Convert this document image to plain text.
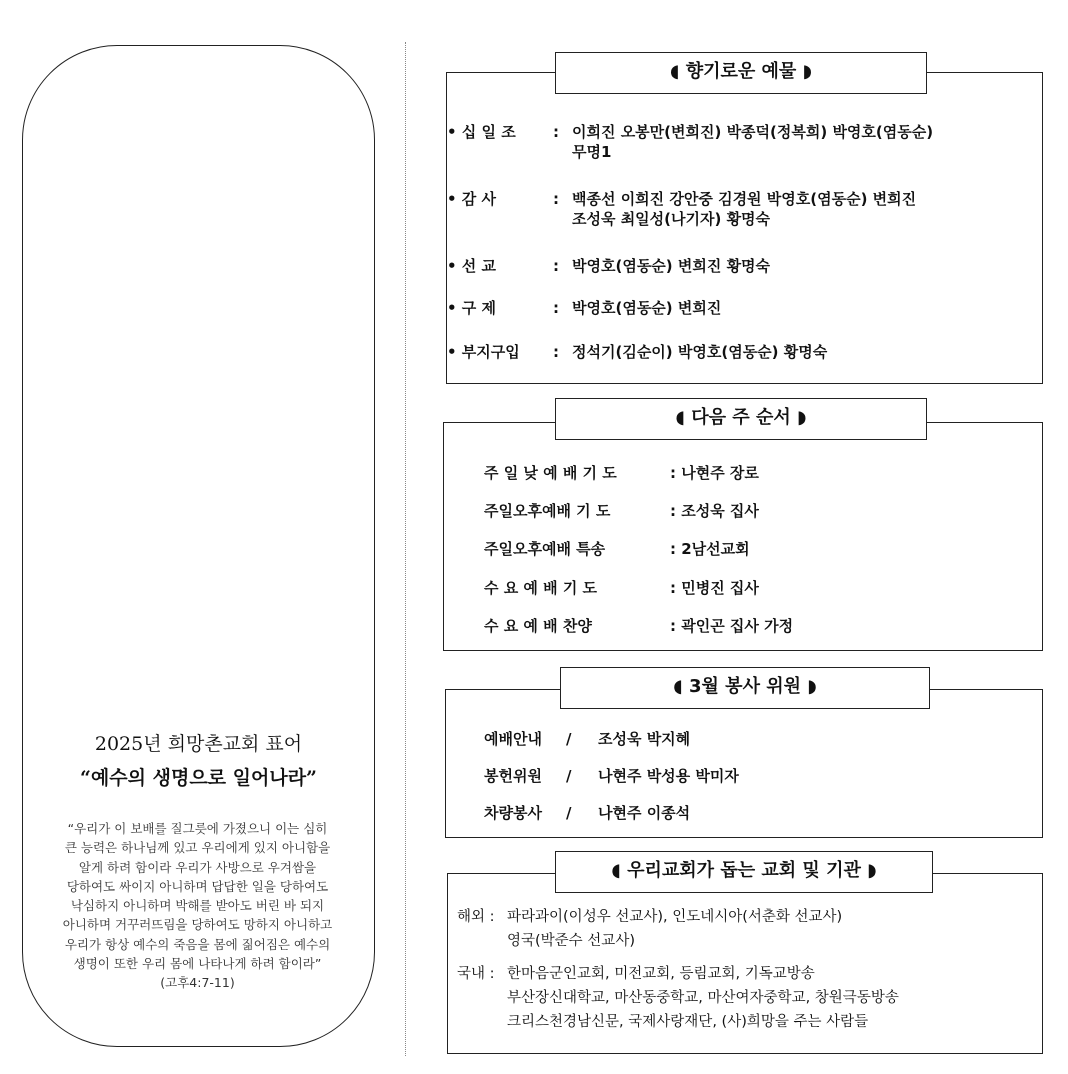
2025년 희망촌교회 표어
“예수의 생명으로 일어나라”
“우리가 이 보배를 질그릇에 가졌으니 이는 심히
큰 능력은 하나님께 있고 우리에게 있지 아니함을
알게 하려 함이라 우리가 사방으로 우겨쌈을
당하여도 싸이지 아니하며 답답한 일을 당하여도
낙심하지 아니하며 박해를 받아도 버린 바 되지
아니하며 거꾸러뜨림을 당하여도 망하지 아니하고
우리가 항상 예수의 죽음을 몸에 짊어짐은 예수의
생명이 또한 우리 몸에 나타나게 하려 함이라”
(고후4:7-11)
◖ 향기로운 예물 ◗
• 십 일 조 : 이희진 오봉만(변희진) 박종덕(정복희) 박영호(염동순)
무명1
• 감 사	: 백종선 이희진 강안중 김경원 박영호(염동순) 변희진
조성욱 최일성(나기자) 황명숙
• 선 교	: 박영호(염동순) 변희진 황명숙
• 구 제	: 박영호(염동순) 변희진
• 부지구입 : 정석기(김순이) 박영호(염동순) 황명숙
◖ 다음 주 순서 ◗
주 일 낮 예 배 기 도	: 나현주 장로
주일오후예배 기 도	: 조성욱 집사
주일오후예배 특송	: 2남선교회
수 요 예 배 기 도	: 민병진 집사
수 요 예 배 찬양	: 곽인곤 집사 가정
◖ 3월 봉사 위원 ◗
예배안내 / 조성욱 박지혜
봉헌위원 / 나현주 박성용 박미자
차량봉사 / 나현주 이종석
◖ 우리교회가 돕는 교회 및 기관 ◗
해외 : 파라과이(이성우 선교사), 인도네시아(서춘화 선교사)
영국(박준수 선교사)
국내 : 한마음군인교회, 미전교회, 등림교회, 기독교방송
부산장신대학교, 마산동중학교, 마산여자중학교, 창원극동방송
크리스천경남신문, 국제사랑재단, (사)희망을 주는 사람들
